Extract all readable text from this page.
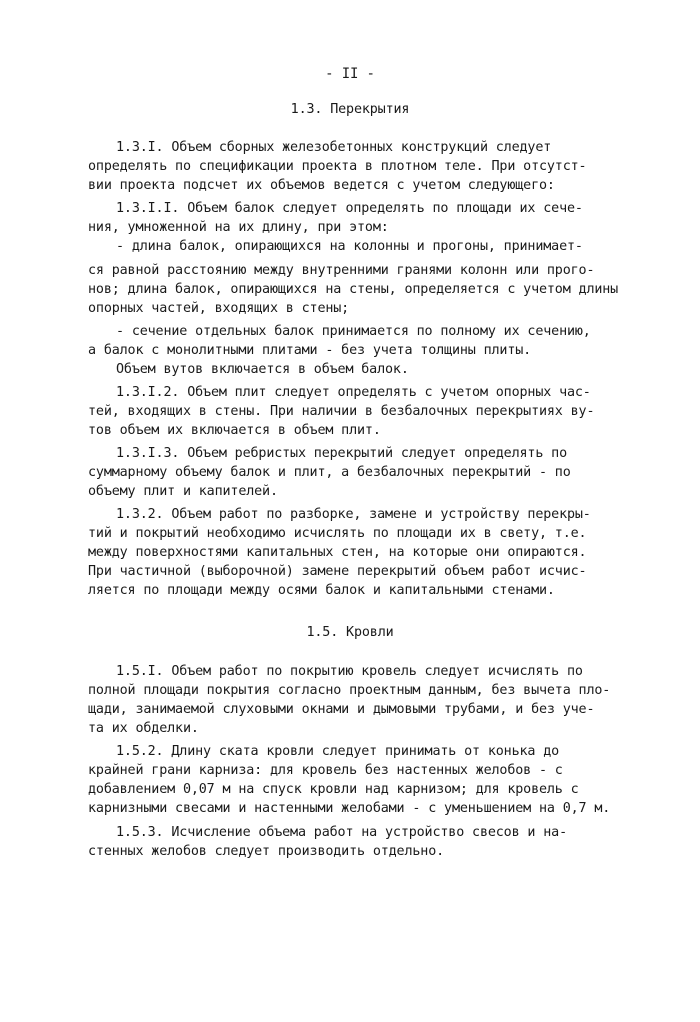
- II -
1.3. Перекрытия
1.3.I. Объем сборных железобетонных конструкций следует
определять по спецификации проекта в плотном теле. При отсутст-
вии проекта подсчет их объемов ведется с учетом следующего:
1.3.I.I. Объем балок следует определять по площади их сече-
ния, умноженной на их длину, при этом:
- длина балок, опирающихся на колонны и прогоны, принимает-
ся равной расстоянию между внутренними гранями колонн или прого-
нов; длина балок, опирающихся на стены, определяется с учетом длины
опорных частей, входящих в стены;
- сечение отдельных балок принимается по полному их сечению,
а балок с монолитными плитами - без учета толщины плиты.
Объем вутов включается в объем балок.
1.3.I.2. Объем плит следует определять с учетом опорных час-
тей, входящих в стены. При наличии в безбалочных перекрытиях ву-
тов объем их включается в объем плит.
1.3.I.3. Объем ребристых перекрытий следует определять по
суммарному объему балок и плит, а безбалочных перекрытий - по
объему плит и капителей.
1.3.2. Объем работ по разборке, замене и устройству перекры-
тий и покрытий необходимо исчислять по площади их в свету, т.е.
между поверхностями капитальных стен, на которые они опираются.
При частичной (выборочной) замене перекрытий объем работ исчис-
ляется по площади между осями балок и капитальными стенами.
1.5. Кровли
1.5.I. Объем работ по покрытию кровель следует исчислять по
полной площади покрытия согласно проектным данным, без вычета пло-
щади, занимаемой слуховыми окнами и дымовыми трубами, и без уче-
та их обделки.
1.5.2. Длину ската кровли следует принимать от конька до
крайней грани карниза: для кровель без настенных желобов - с
добавлением 0,07 м на спуск кровли над карнизом; для кровель с
карнизными свесами и настенными желобами - с уменьшением на 0,7 м.
1.5.3. Исчисление объема работ на устройство свесов и на-
стенных желобов следует производить отдельно.
